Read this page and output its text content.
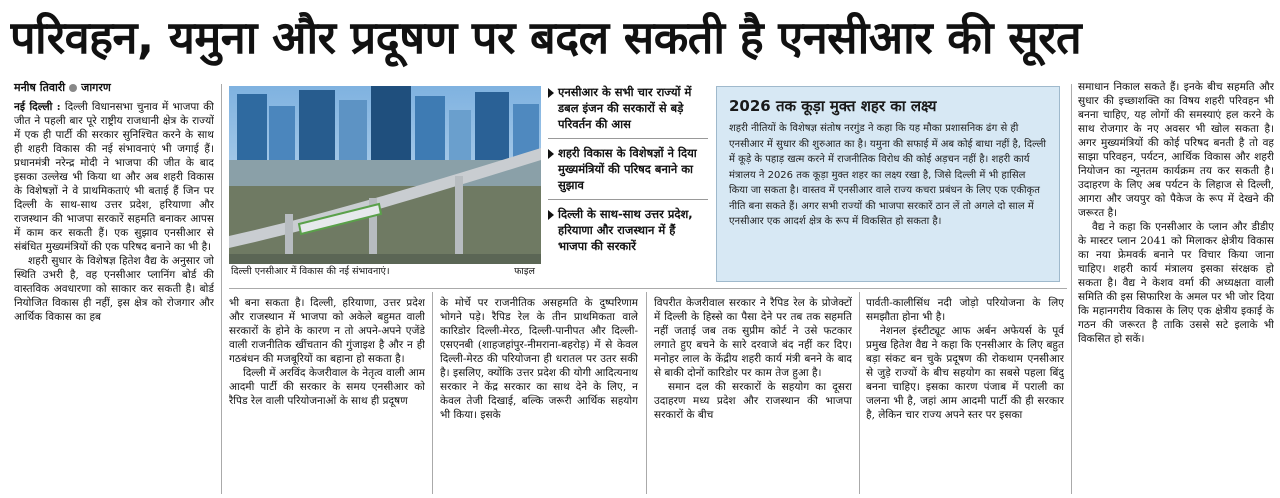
परिवहन, यमुना और प्रदूषण पर बदल सकती है एनसीआर की सूरत
मनीष तिवारी जागरण

नई दिल्ली : दिल्ली विधानसभा चुनाव में भाजपा की जीत ने पहली बार पूरे राष्ट्रीय राजधानी क्षेत्र के राज्यों में एक ही पार्टी की सरकार सुनिश्चित करने के साथ ही शहरी विकास की नई संभावनाएं भी जगाई हैं। प्रधानमंत्री नरेन्द्र मोदी ने भाजपा की जीत के बाद इसका उल्लेख भी किया था और अब शहरी विकास के विशेषज्ञों ने वे प्राथमिकताएं भी बताई हैं जिन पर दिल्ली के साथ-साथ उत्तर प्रदेश, हरियाणा और राजस्थान की भाजपा सरकारें सहमति बनाकर आपस में काम कर सकती हैं। एक सुझाव एनसीआर से संबंधित मुख्यमंत्रियों की एक परिषद बनाने का भी है।

शहरी सुधार के विशेषज्ञ हितेश वैद्य के अनुसार जो स्थिति उभरी है, वह एनसीआर प्लानिंग बोर्ड की वास्तविक अवधारणा को साकार कर सकती है। बोर्ड नियोजित विकास ही नहीं, इस क्षेत्र को रोजगार और आर्थिक विकास का हब

दिल्ली एनसीआर में विकास की नई संभावनाएं।	फाइल
एनसीआर के सभी चार राज्यों में डबल इंजन की सरकारों से बड़े परिवर्तन की आस
शहरी विकास के विशेषज्ञों ने दिया मुख्यमंत्रियों की परिषद बनाने का सुझाव
दिल्ली के साथ-साथ उत्तर प्रदेश, हरियाणा और राजस्थान में हैं भाजपा की सरकारें
2026 तक कूड़ा मुक्त शहर का लक्ष्य

शहरी नीतियों के विशेषज्ञ संतोष नरगुंड ने कहा कि यह मौका प्रशासनिक ढंग से ही एनसीआर में सुधार की शुरुआत का है। यमुना की सफाई में अब कोई बाधा नहीं है, दिल्ली में कूड़े के पहाड़ खत्म करने में राजनीतिक विरोध की कोई अड़चन नहीं है। शहरी कार्य मंत्रालय ने 2026 तक कूड़ा मुक्त शहर का लक्ष्य रखा है, जिसे दिल्ली में भी हासिल किया जा सकता है। वास्तव में एनसीआर वाले राज्य कचरा प्रबंधन के लिए एक एकीकृत नीति बना सकते हैं। अगर सभी राज्यों की भाजपा सरकारें ठान लें तो अगले दो साल में एनसीआर एक आदर्श क्षेत्र के रूप में विकसित हो सकता है।

भी बना सकता है। दिल्ली, हरियाणा, उत्तर प्रदेश और राजस्थान में भाजपा को अकेले बहुमत वाली सरकारों के होने के कारण न तो अपने-अपने एजेंडे वाली राजनीतिक खींचतान की गुंजाइश है और न ही गठबंधन की मजबूरियों का बहाना हो सकता है।

दिल्ली में अरविंद केजरीवाल के नेतृत्व वाली आम आदमी पार्टी की सरकार के समय एनसीआर को रैपिड रेल वाली परियोजनाओं के साथ ही प्रदूषण

के मोर्चे पर राजनीतिक असहमति के दुष्परिणाम भोगने पड़े। रैपिड रेल के तीन प्राथमिकता वाले कारिडोर दिल्ली-मेरठ, दिल्ली-पानीपत और दिल्ली-एसएनबी (शाहजहांपुर-नीमराना-बहरोड़) में से केवल दिल्ली-मेरठ की परियोजना ही धरातल पर उतर सकी है। इसलिए, क्योंकि उत्तर प्रदेश की योगी आदित्यनाथ सरकार ने केंद्र सरकार का साथ देने के लिए, न केवल तेजी दिखाई, बल्कि जरूरी आर्थिक सहयोग भी किया। इसके

विपरीत केजरीवाल सरकार ने रैपिड रेल के प्रोजेक्टों में दिल्ली के हिस्से का पैसा देने पर तब तक सहमति नहीं जताई जब तक सुप्रीम कोर्ट ने उसे फटकार लगाते हुए बचने के सारे दरवाजे बंद नहीं कर दिए। मनोहर लाल के केंद्रीय शहरी कार्य मंत्री बनने के बाद से बाकी दोनों कारिडोर पर काम तेज हुआ है।

समान दल की सरकारों के सहयोग का दूसरा उदाहरण मध्य प्रदेश और राजस्थान की भाजपा सरकारों के बीच

पार्वती-कालीसिंध नदी जोड़ो परियोजना के लिए समझौता होना भी है।

नेशनल इंस्टीट्यूट आफ अर्बन अफेयर्स के पूर्व प्रमुख हितेश वैद्य ने कहा कि एनसीआर के लिए बहुत बड़ा संकट बन चुके प्रदूषण की रोकथाम एनसीआर से जुड़े राज्यों के बीच सहयोग का सबसे पहला बिंदु बनना चाहिए। इसका कारण पंजाब में पराली का जलना भी है, जहां आम आदमी पार्टी की ही सरकार है, लेकिन चार राज्य अपने स्तर पर इसका

समाधान निकाल सकते हैं। इनके बीच सहमति और सुधार की इच्छाशक्ति का विषय शहरी परिवहन भी बनना चाहिए, यह लोगों की समस्याएं हल करने के साथ रोजगार के नए अवसर भी खोल सकता है। अगर मुख्यमंत्रियों की कोई परिषद बनती है तो वह साझा परिवहन, पर्यटन, आर्थिक विकास और शहरी नियोजन का न्यूनतम कार्यक्रम तय कर सकती है। उदाहरण के लिए अब पर्यटन के लिहाज से दिल्ली, आगरा और जयपुर को पैकेज के रूप में देखने की जरूरत है।

वैद्य ने कहा कि एनसीआर के प्लान और डीडीए के मास्टर प्लान 2041 को मिलाकर क्षेत्रीय विकास का नया फ्रेमवर्क बनाने पर विचार किया जाना चाहिए। शहरी कार्य मंत्रालय इसका संरक्षक हो सकता है। वैद्य ने केशव वर्मा की अध्यक्षता वाली समिति की इस सिफारिश के अमल पर भी जोर दिया कि महानगरीय विकास के लिए एक क्षेत्रीय इकाई के गठन की जरूरत है ताकि उससे सटे इलाके भी विकसित हो सकें।
